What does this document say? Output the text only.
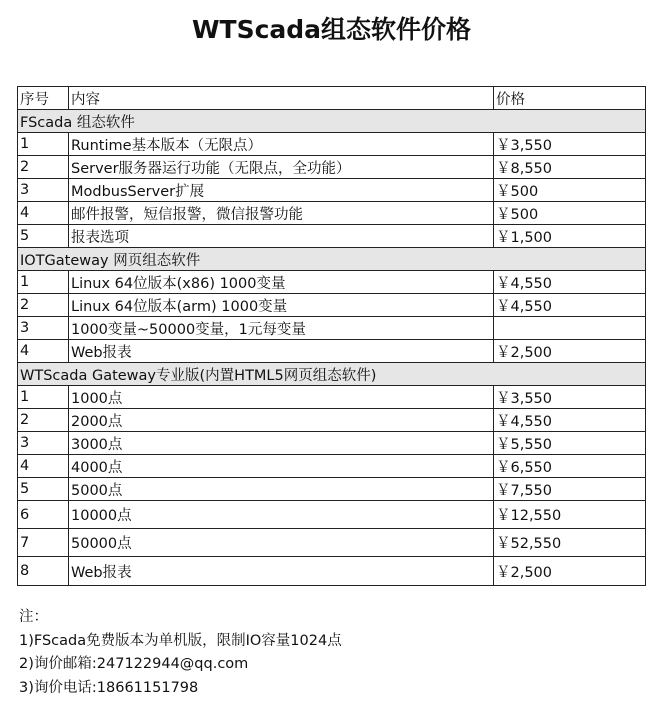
WTScada组态软件价格
序号	内容	价格
FScada 组态软件		
1	Runtime基本版本（无限点）	￥3,550
2	Server服务器运行功能（无限点，全功能）	￥8,550
3	ModbusServer扩展	￥500
4	邮件报警，短信报警，微信报警功能	￥500
5	报表选项	￥1,500
IOTGateway 网页组态软件		
1	Linux 64位版本(x86) 1000变量	￥4,550
2	Linux 64位版本(arm) 1000变量	￥4,550
3	1000变量~50000变量，1元每变量	
4	Web报表	￥2,500
WTScada Gateway专业版(内置HTML5网页组态软件)		
1	1000点	￥3,550
2	2000点	￥4,550
3	3000点	￥5,550
4	4000点	￥6,550
5	5000点	￥7,550
6	10000点	￥12,550
7	50000点	￥52,550
8	Web报表	￥2,500
注：
1)FScada免费版本为单机版，限制IO容量1024点
2)询价邮箱:247122944@qq.com
3)询价电话:18661151798
